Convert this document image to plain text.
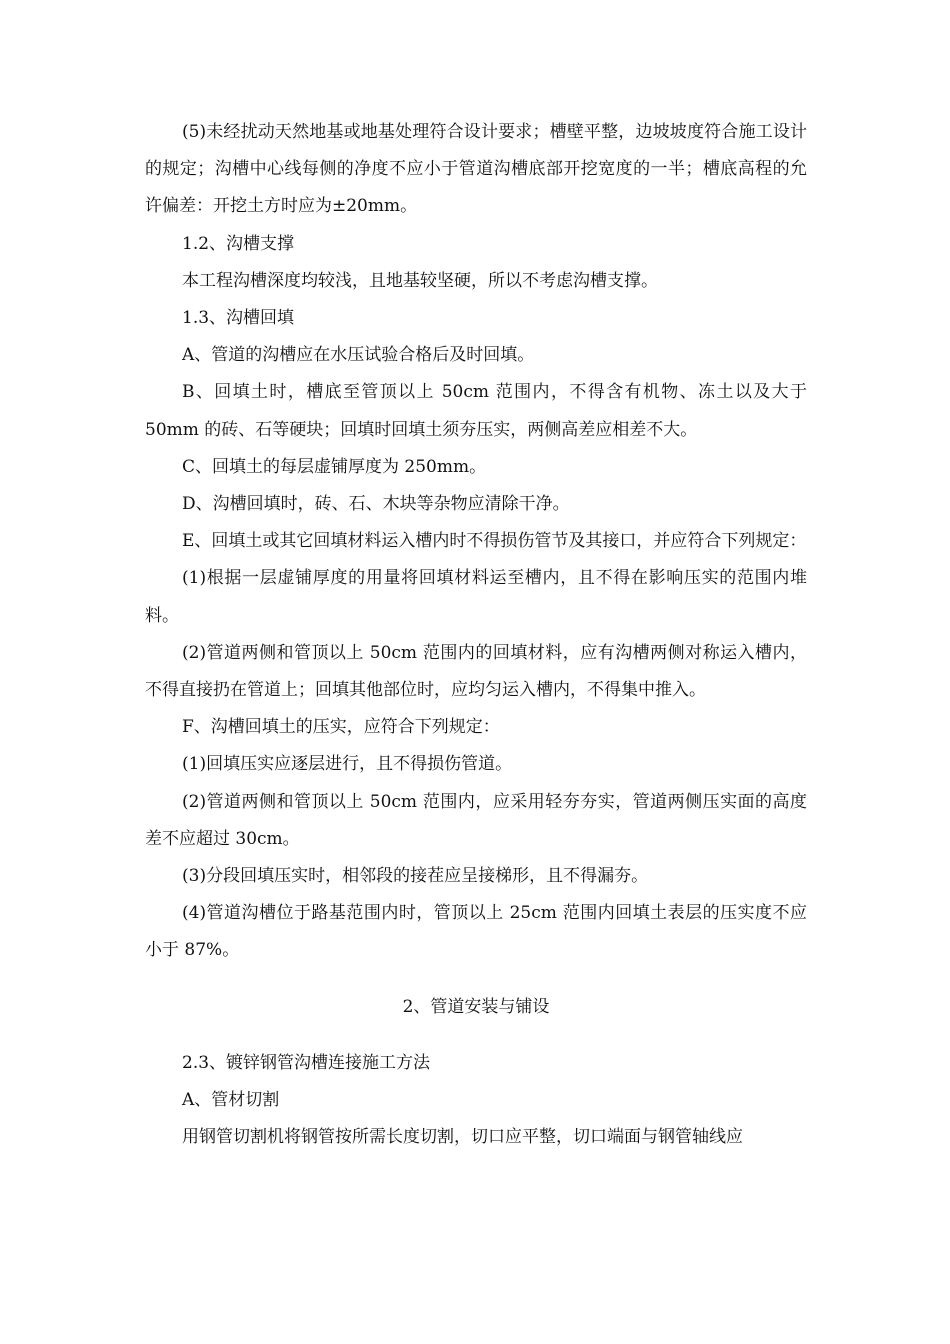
(5)未经扰动天然地基或地基处理符合设计要求；槽壁平整，边坡坡度符合施工设计的规定；沟槽中心线每侧的净度不应小于管道沟槽底部开挖宽度的一半；槽底高程的允许偏差：开挖土方时应为±20mm。

1.2、沟槽支撑

本工程沟槽深度均较浅，且地基较坚硬，所以不考虑沟槽支撑。

1.3、沟槽回填

A、管道的沟槽应在水压试验合格后及时回填。

B、回填土时，槽底至管顶以上 50cm 范围内，不得含有机物、冻土以及大于50mm 的砖、石等硬块；回填时回填土须夯压实，两侧高差应相差不大。

C、回填土的每层虚铺厚度为 250mm。

D、沟槽回填时，砖、石、木块等杂物应清除干净。

E、回填土或其它回填材料运入槽内时不得损伤管节及其接口，并应符合下列规定：

(1)根据一层虚铺厚度的用量将回填材料运至槽内，且不得在影响压实的范围内堆料。

(2)管道两侧和管顶以上 50cm 范围内的回填材料，应有沟槽两侧对称运入槽内，不得直接扔在管道上；回填其他部位时，应均匀运入槽内，不得集中推入。

F、沟槽回填土的压实，应符合下列规定：

(1)回填压实应逐层进行，且不得损伤管道。

(2)管道两侧和管顶以上 50cm 范围内，应采用轻夯夯实，管道两侧压实面的高度差不应超过 30cm。

(3)分段回填压实时，相邻段的接茬应呈接梯形，且不得漏夯。

(4)管道沟槽位于路基范围内时，管顶以上 25cm 范围内回填土表层的压实度不应小于 87%。

2、管道安装与铺设

2.3、镀锌钢管沟槽连接施工方法

A、管材切割

用钢管切割机将钢管按所需长度切割，切口应平整，切口端面与钢管轴线应
